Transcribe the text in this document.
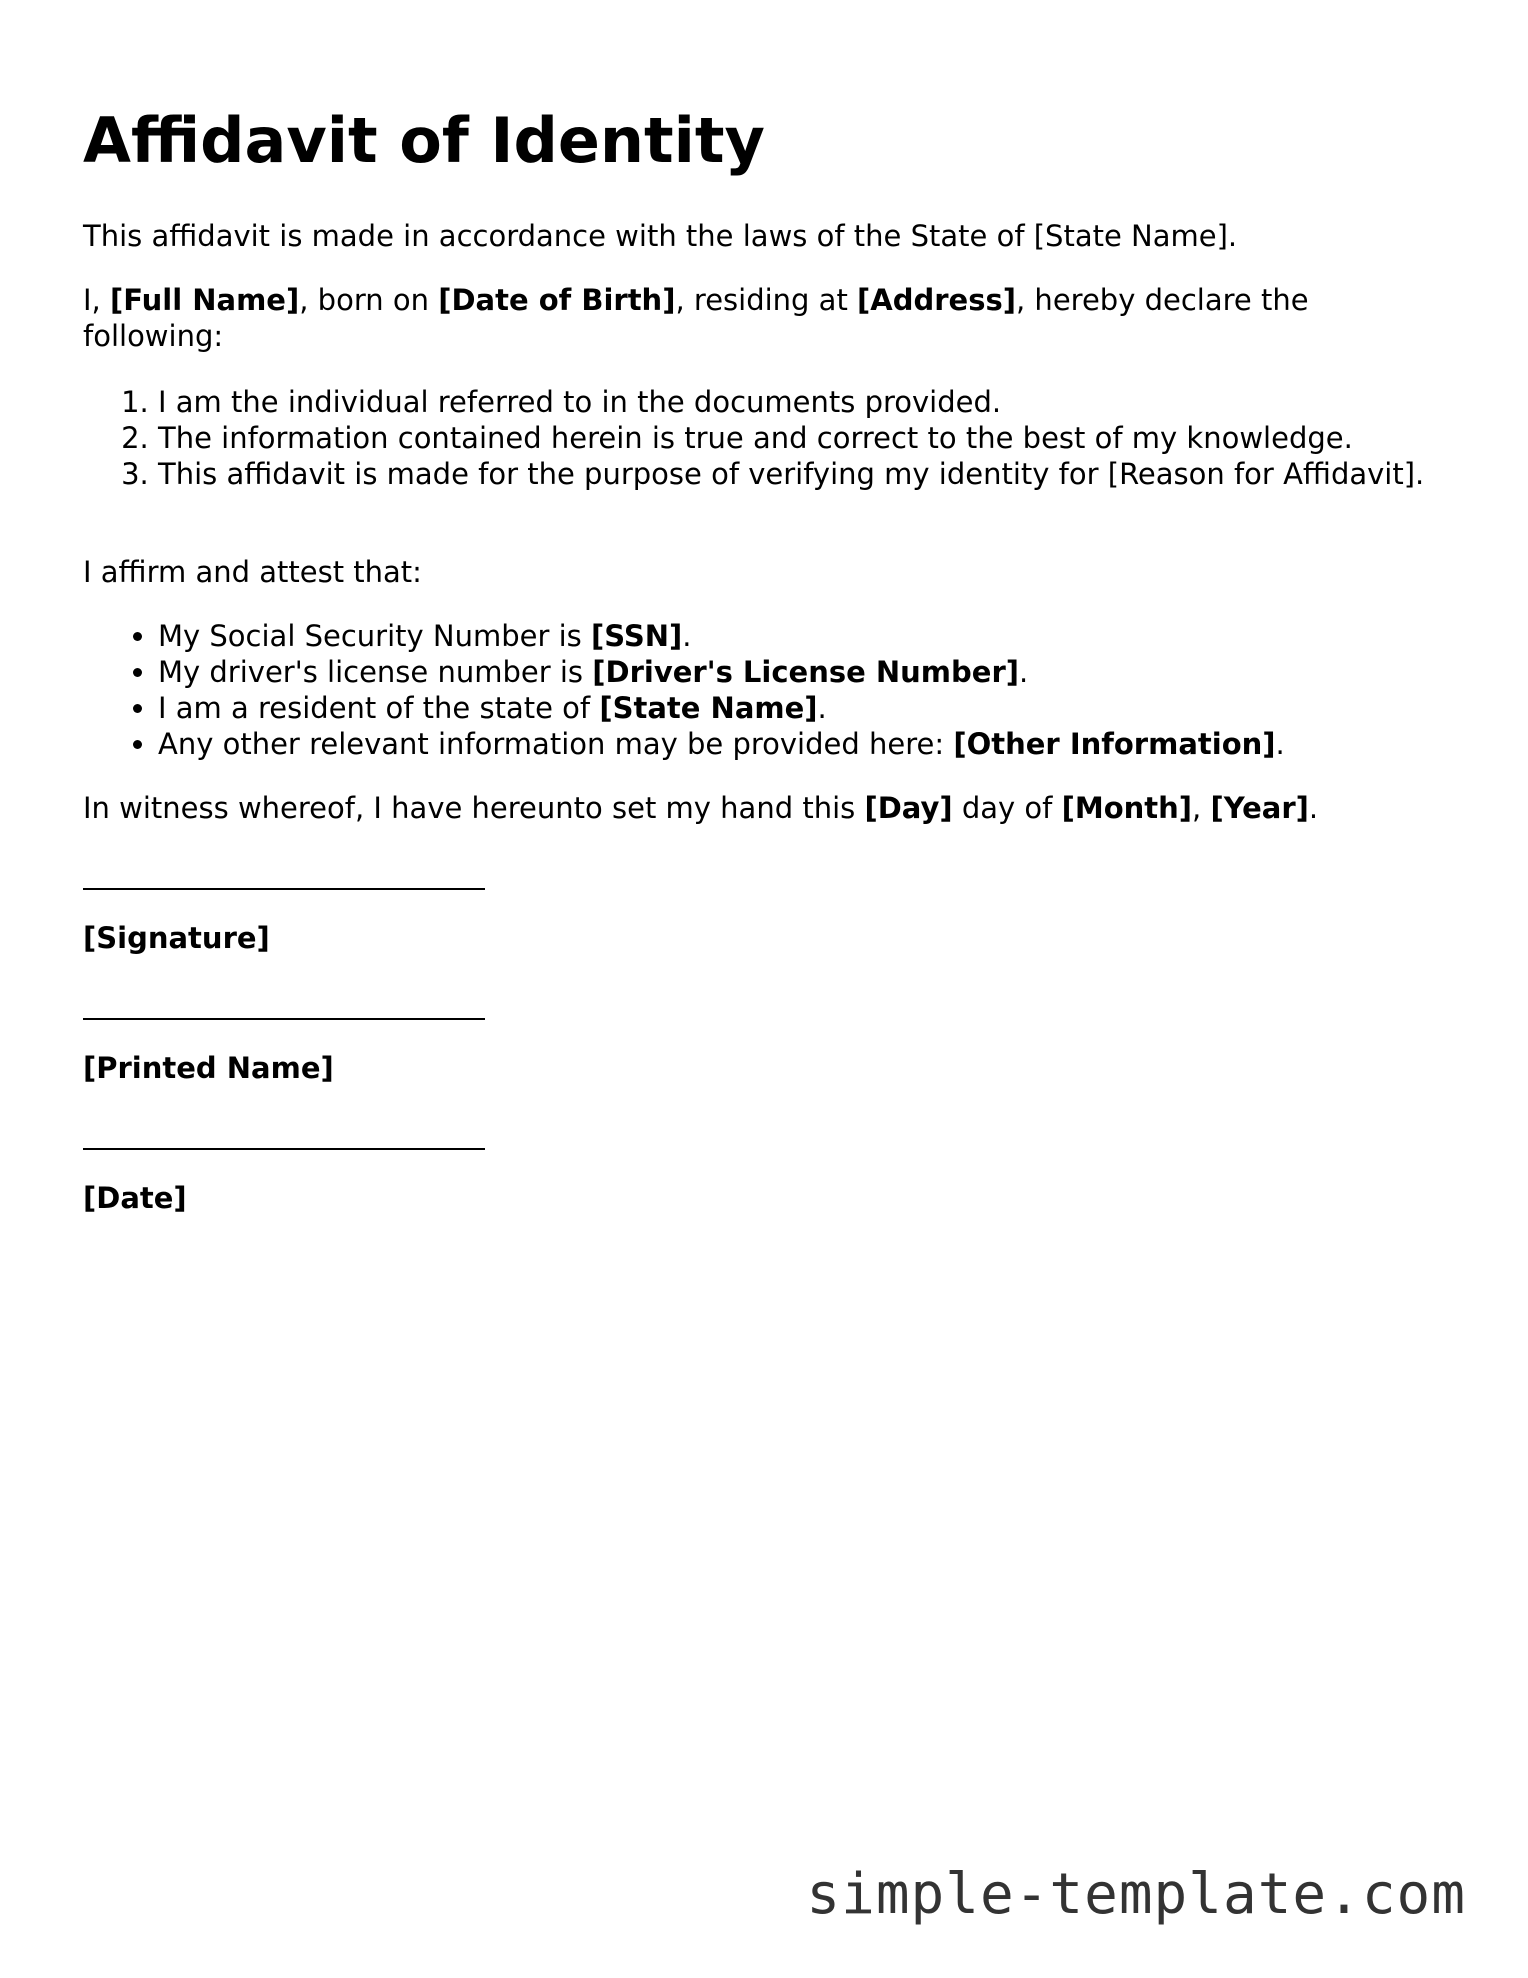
Affidavit of Identity

This affidavit is made in accordance with the laws of the State of [State Name].

I, [Full Name], born on [Date of Birth], residing at [Address], hereby declare the following:

1. I am the individual referred to in the documents provided.
2. The information contained herein is true and correct to the best of my knowledge.
3. This affidavit is made for the purpose of verifying my identity for [Reason for Affidavit].

I affirm and attest that:

• My Social Security Number is [SSN].
• My driver's license number is [Driver's License Number].
• I am a resident of the state of [State Name].
• Any other relevant information may be provided here: [Other Information].

In witness whereof, I have hereunto set my hand this [Day] day of [Month], [Year].

[Signature]

[Printed Name]

[Date]

simple-template.com
